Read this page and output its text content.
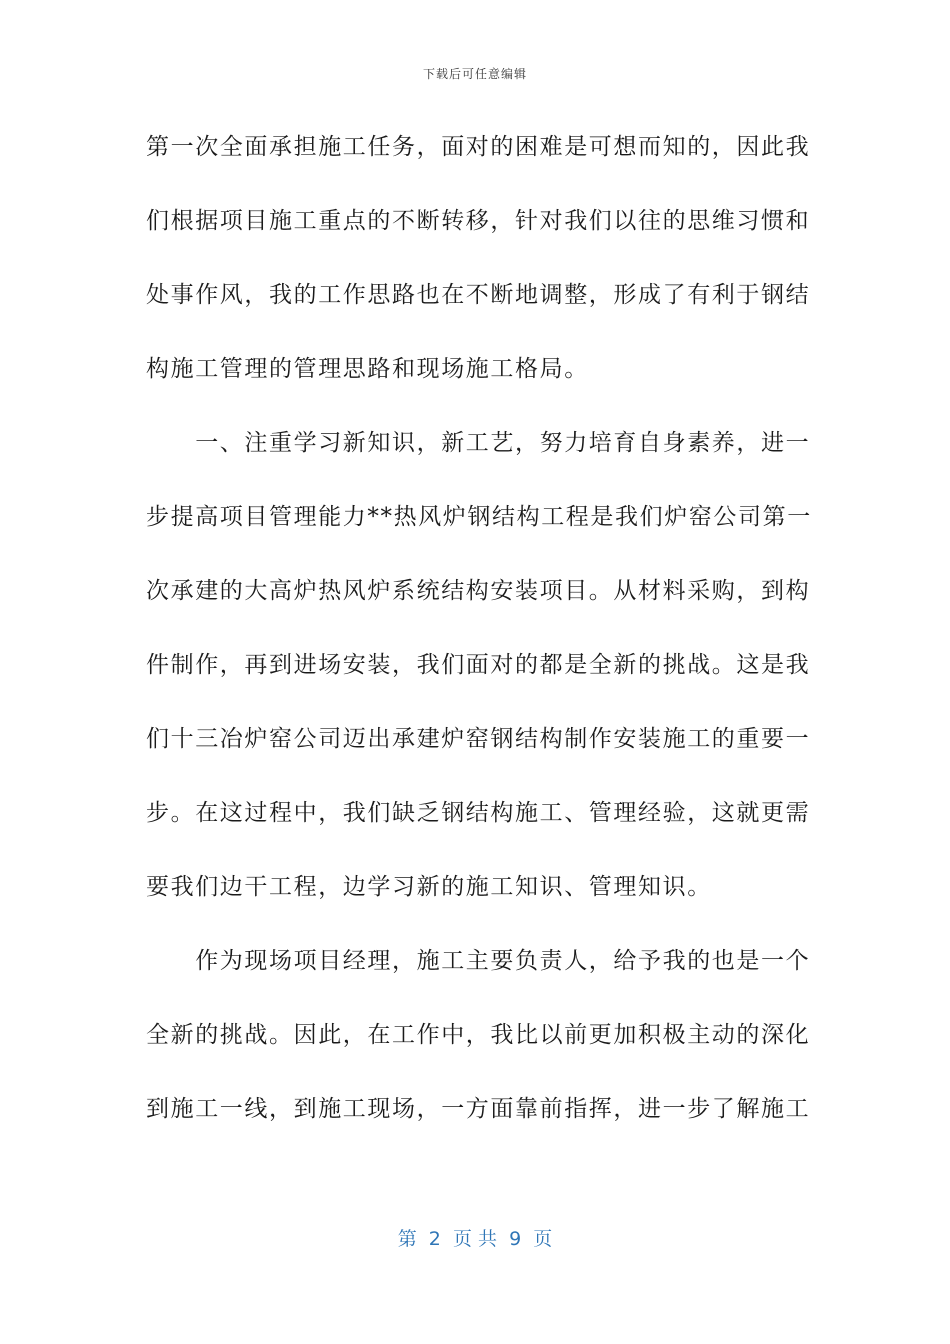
下载后可任意编辑
第一次全面承担施工任务，面对的困难是可想而知的，因此我
们根据项目施工重点的不断转移，针对我们以往的思维习惯和
处事作风，我的工作思路也在不断地调整，形成了有利于钢结
构施工管理的管理思路和现场施工格局。
　　一、注重学习新知识，新工艺，努力培育自身素养，进一
步提高项目管理能力**热风炉钢结构工程是我们炉窑公司第一
次承建的大高炉热风炉系统结构安装项目。从材料采购，到构
件制作，再到进场安装，我们面对的都是全新的挑战。这是我
们十三冶炉窑公司迈出承建炉窑钢结构制作安装施工的重要一
步。在这过程中，我们缺乏钢结构施工、管理经验，这就更需
要我们边干工程，边学习新的施工知识、管理知识。
　　作为现场项目经理，施工主要负责人，给予我的也是一个
全新的挑战。因此，在工作中，我比以前更加积极主动的深化
到施工一线，到施工现场，一方面靠前指挥，进一步了解施工
第  2  页 共  9  页
